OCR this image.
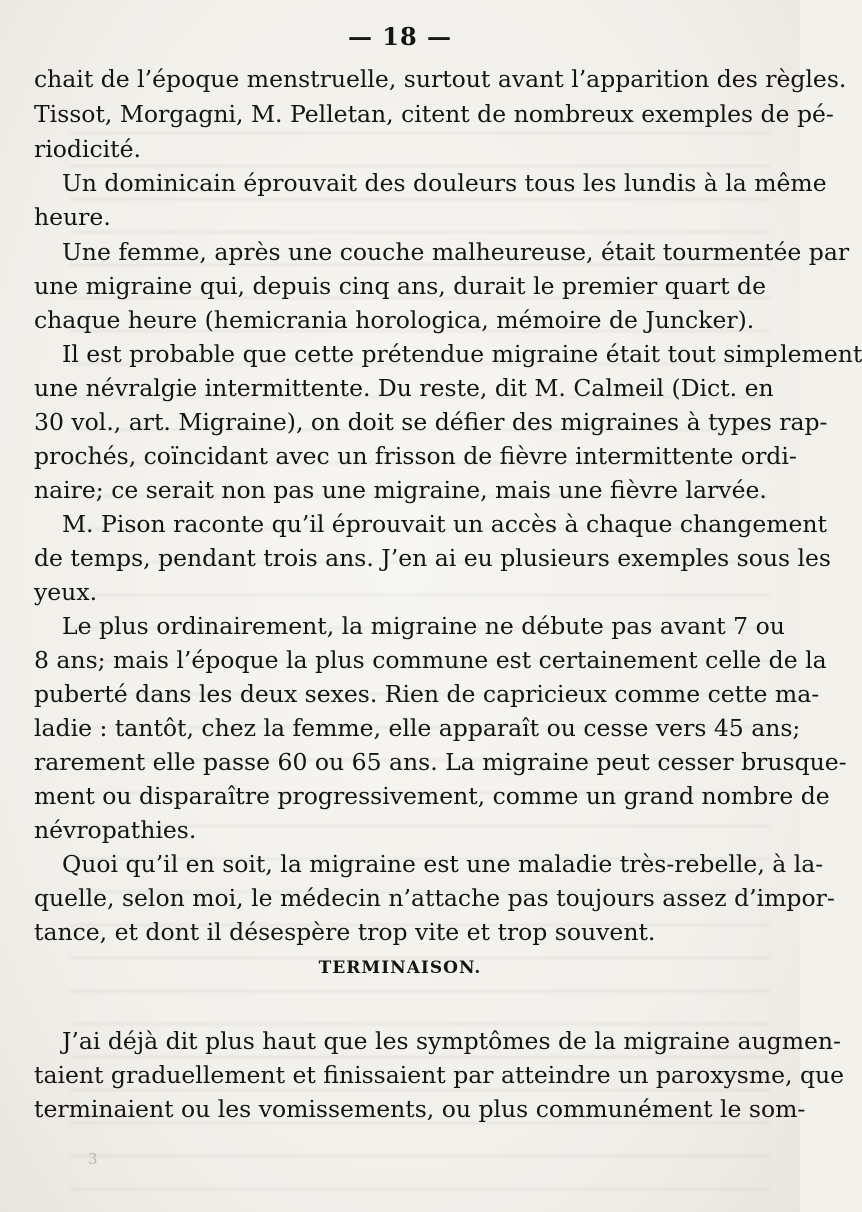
— 18 —
chait de l’époque menstruelle, surtout avant l’apparition des règles.
Tissot, Morgagni, M. Pelletan, citent de nombreux exemples de pé-
riodicité.
Un dominicain éprouvait des douleurs tous les lundis à la même
heure.
Une femme, après une couche malheureuse, était tourmentée par
une migraine qui, depuis cinq ans, durait le premier quart de
chaque heure (hemicrania horologica, mémoire de Juncker).
Il est probable que cette prétendue migraine était tout simplement
une névralgie intermittente. Du reste, dit M. Calmeil (Dict. en
30 vol., art. Migraine), on doit se défier des migraines à types rap-
prochés, coïncidant avec un frisson de fièvre intermittente ordi-
naire; ce serait non pas une migraine, mais une fièvre larvée.
M. Pison raconte qu’il éprouvait un accès à chaque changement
de temps, pendant trois ans. J’en ai eu plusieurs exemples sous les
yeux.
Le plus ordinairement, la migraine ne débute pas avant 7 ou
8 ans; mais l’époque la plus commune est certainement celle de la
puberté dans les deux sexes. Rien de capricieux comme cette ma-
ladie : tantôt, chez la femme, elle apparaît ou cesse vers 45 ans;
rarement elle passe 60 ou 65 ans. La migraine peut cesser brusque-
ment ou disparaître progressivement, comme un grand nombre de
névropathies.
Quoi qu’il en soit, la migraine est une maladie très-rebelle, à la-
quelle, selon moi, le médecin n’attache pas toujours assez d’impor-
tance, et dont il désespère trop vite et trop souvent.
J’ai déjà dit plus haut que les symptômes de la migraine augmen-
taient graduellement et finissaient par atteindre un paroxysme, que
terminaient ou les vomissements, ou plus communément le som-
TERMINAISON.
3
